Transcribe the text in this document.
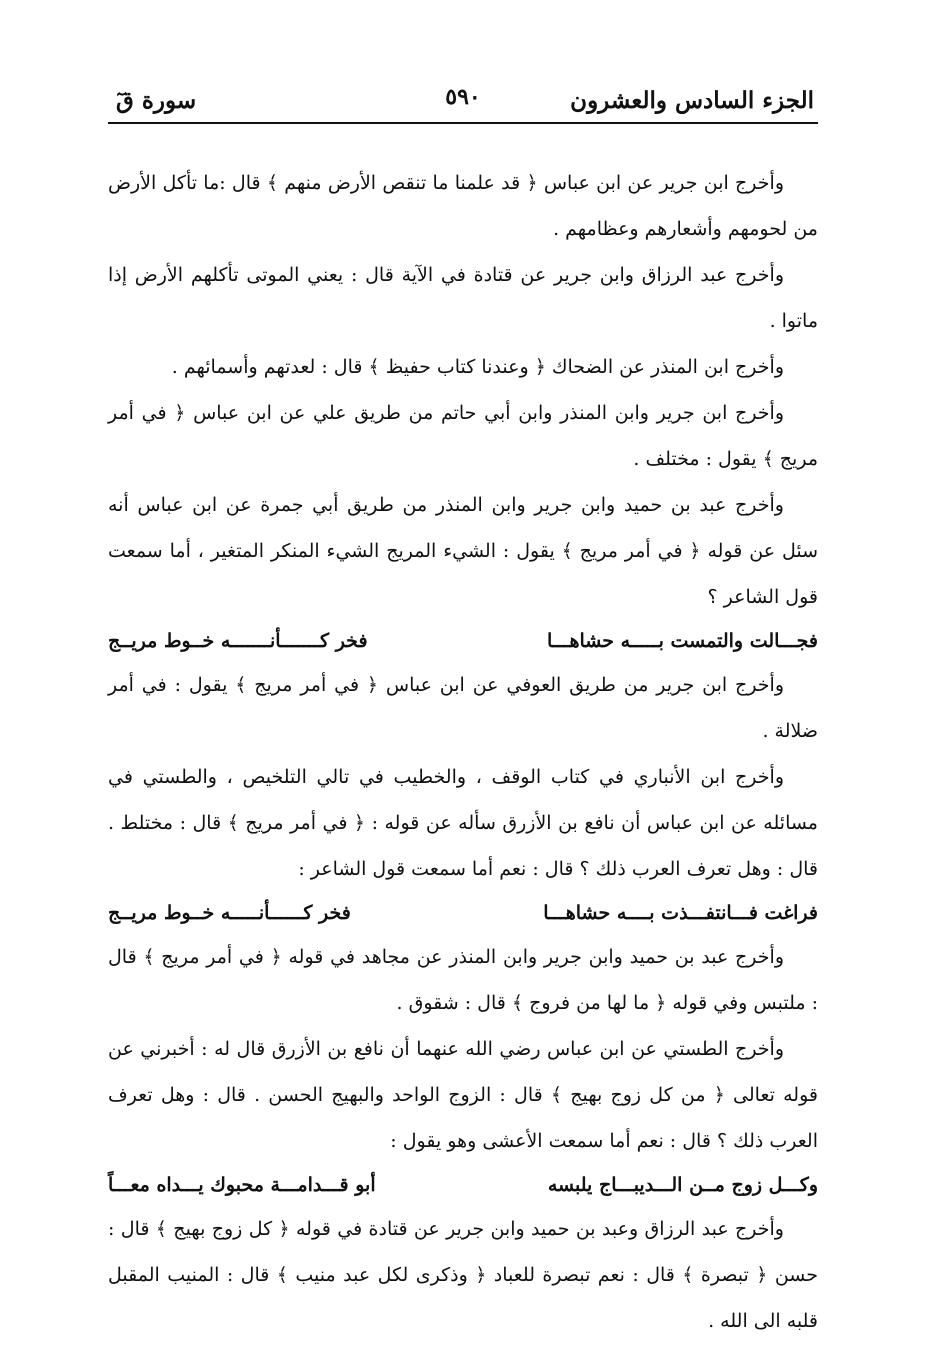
الجزء السادس والعشرون
٥٩٠
سورة قٓ

وأخرج ابن جرير عن ابن عباس ﴿ قد علمنا ما تنقص الأرض منهم ﴾ قال :ما تأكل الأرض من لحومهم وأشعارهم وعظامهم .

وأخرج عبد الرزاق وابن جرير عن قتادة في الآية قال : يعني الموتى تأكلهم الأرض إذا ماتوا .

وأخرج ابن المنذر عن الضحاك ﴿ وعندنا كتاب حفيظ ﴾ قال : لعدتهم وأسمائهم .

وأخرج ابن جرير وابن المنذر وابن أبي حاتم من طريق علي عن ابن عباس ﴿ في أمر مريج ﴾ يقول : مختلف .

وأخرج عبد بن حميد وابن جرير وابن المنذر من طريق أبي جمرة عن ابن عباس أنه سئل عن قوله ﴿ في أمر مريج ﴾ يقول : الشيء المريج الشيء المنكر المتغير ، أما سمعت قول الشاعر ؟

فجـــالت والتمست بـــــه حشاهـــا
فخر كـــــــأنـــــــه خــوط مريــج

وأخرج ابن جرير من طريق العوفي عن ابن عباس ﴿ في أمر مريج ﴾ يقول : في أمر ضلالة .

وأخرج ابن الأنباري في كتاب الوقف ، والخطيب في تالي التلخيص ، والطستي في مسائله عن ابن عباس أن نافع بن الأزرق سأله عن قوله : ﴿ في أمر مريج ﴾ قال : مختلط . قال : وهل تعرف العرب ذلك ؟ قال : نعم أما سمعت قول الشاعر :

فراغت فـــانتفـــذت بــــه حشاهـــا
فخر كــــــأنـــــه خــوط مريــج

وأخرج عبد بن حميد وابن جرير وابن المنذر عن مجاهد في قوله ﴿ في أمر مريج ﴾ قال : ملتبس وفي قوله ﴿ ما لها من فروج ﴾ قال : شقوق .

وأخرج الطستي عن ابن عباس رضي الله عنهما أن نافع بن الأزرق قال له : أخبرني عن قوله تعالى ﴿ من كل زوج بهيج ﴾ قال : الزوج الواحد والبهيج الحسن . قال : وهل تعرف العرب ذلك ؟ قال : نعم أما سمعت الأعشى وهو يقول :

وكـــل زوج مــن الـــديبـــاج يلبسه
أبو قـــدامـــة محبوك يـــداه معـــاً

وأخرج عبد الرزاق وعبد بن حميد وابن جرير عن قتادة في قوله ﴿ كل زوج بهيج ﴾ قال : حسن ﴿ تبصرة ﴾ قال : نعم تبصرة للعباد ﴿ وذكرى لكل عبد منيب ﴾ قال : المنيب المقبل قلبه الى الله .
